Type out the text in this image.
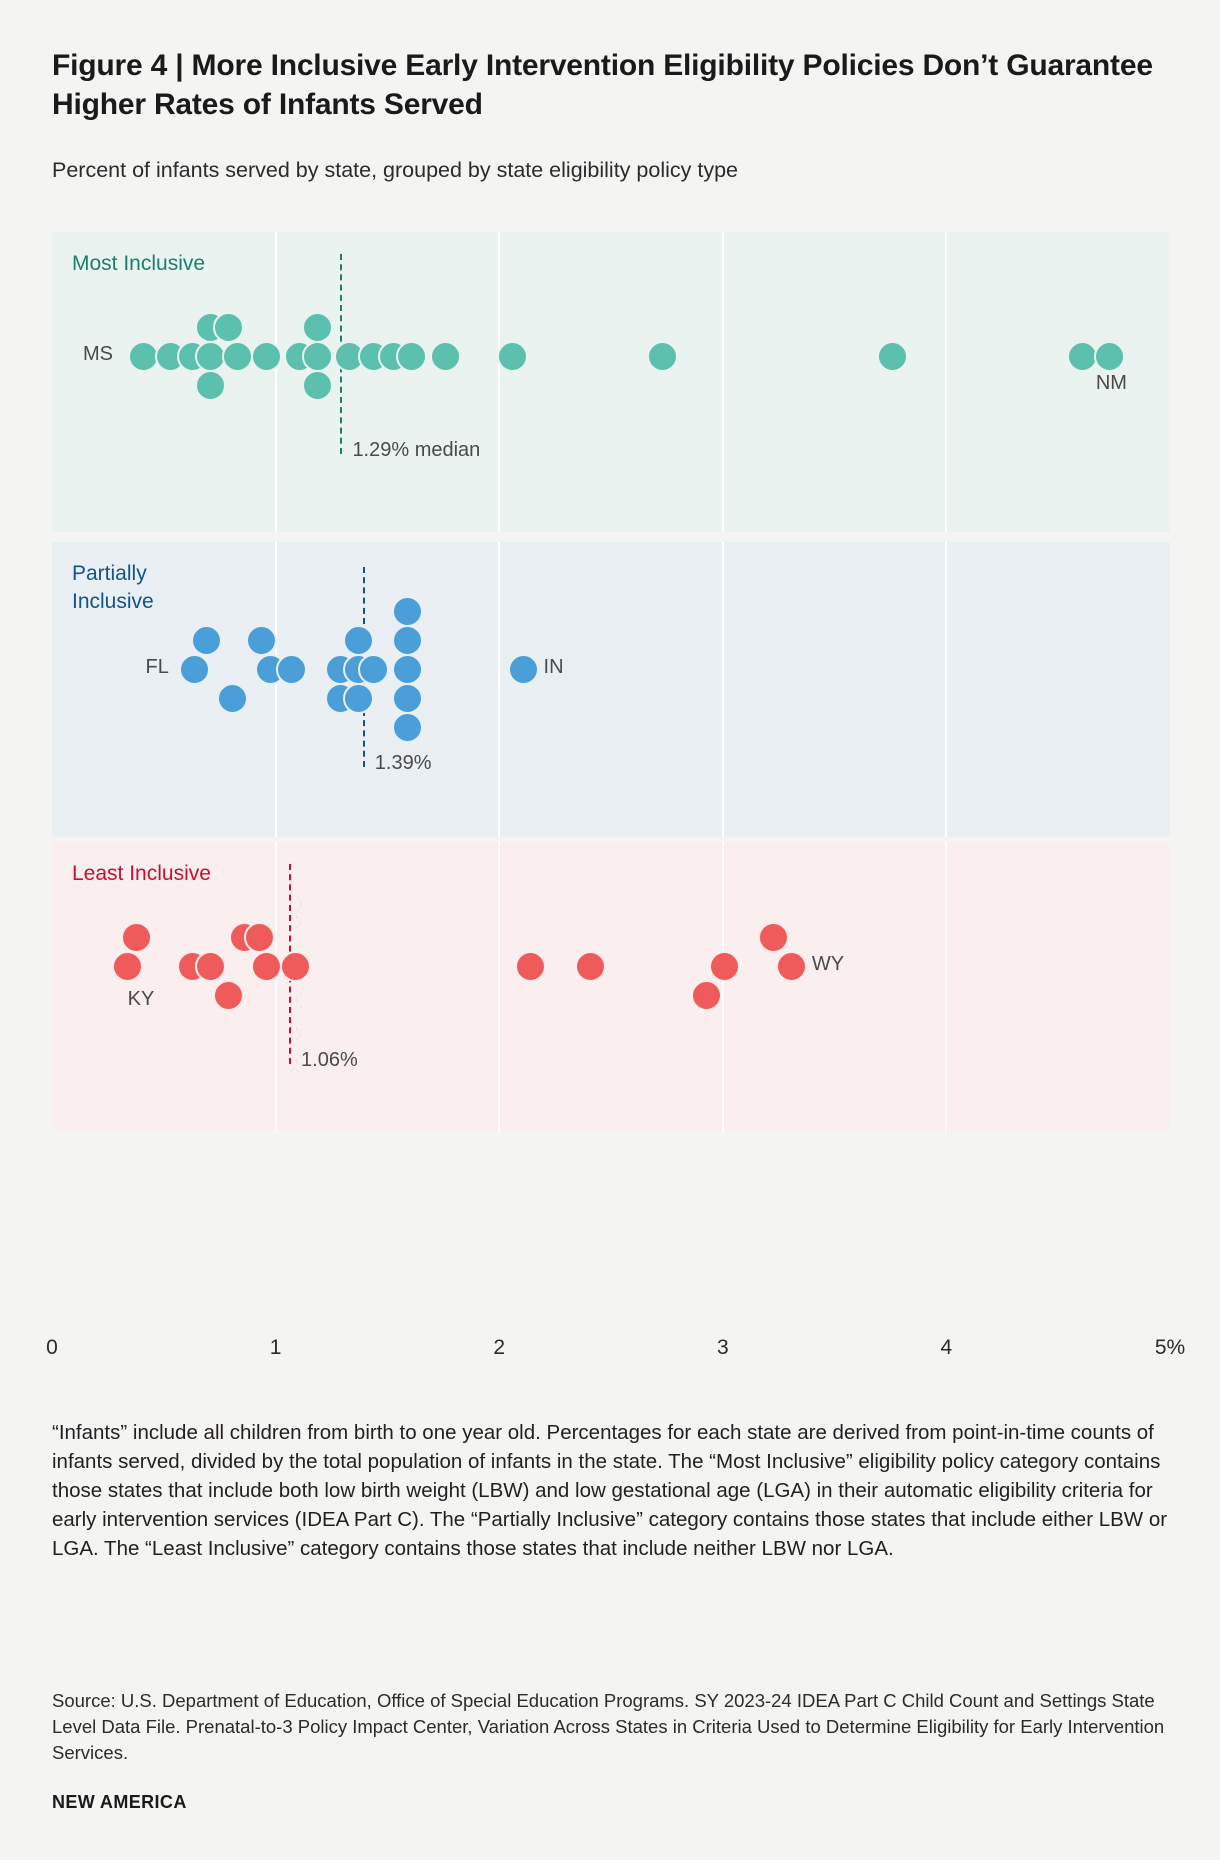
Figure 4 | More Inclusive Early Intervention Eligibility Policies Don’t Guarantee Higher Rates of Infants Served
Percent of infants served by state, grouped by state eligibility policy type
Most Inclusive
1.29% median
MS
NM
Partially Inclusive
1.39%
FL	IN
Least Inclusive
1.06%
KY
WY
0	1	2	3	4	5%
“Infants” include all children from birth to one year old. Percentages for each state are derived from point-in-time counts of infants served, divided by the total population of infants in the state. The “Most Inclusive” eligibility policy category contains those states that include both low birth weight (LBW) and low gestational age (LGA) in their automatic eligibility criteria for early intervention services (IDEA Part C). The “Partially Inclusive” category contains those states that include either LBW or LGA. The “Least Inclusive” category contains those states that include neither LBW nor LGA.
Source: U.S. Department of Education, Office of Special Education Programs. SY 2023-24 IDEA Part C Child Count and Settings State Level Data File. Prenatal-to-3 Policy Impact Center, Variation Across States in Criteria Used to Determine Eligibility for Early Intervention Services.
NEW AMERICA
